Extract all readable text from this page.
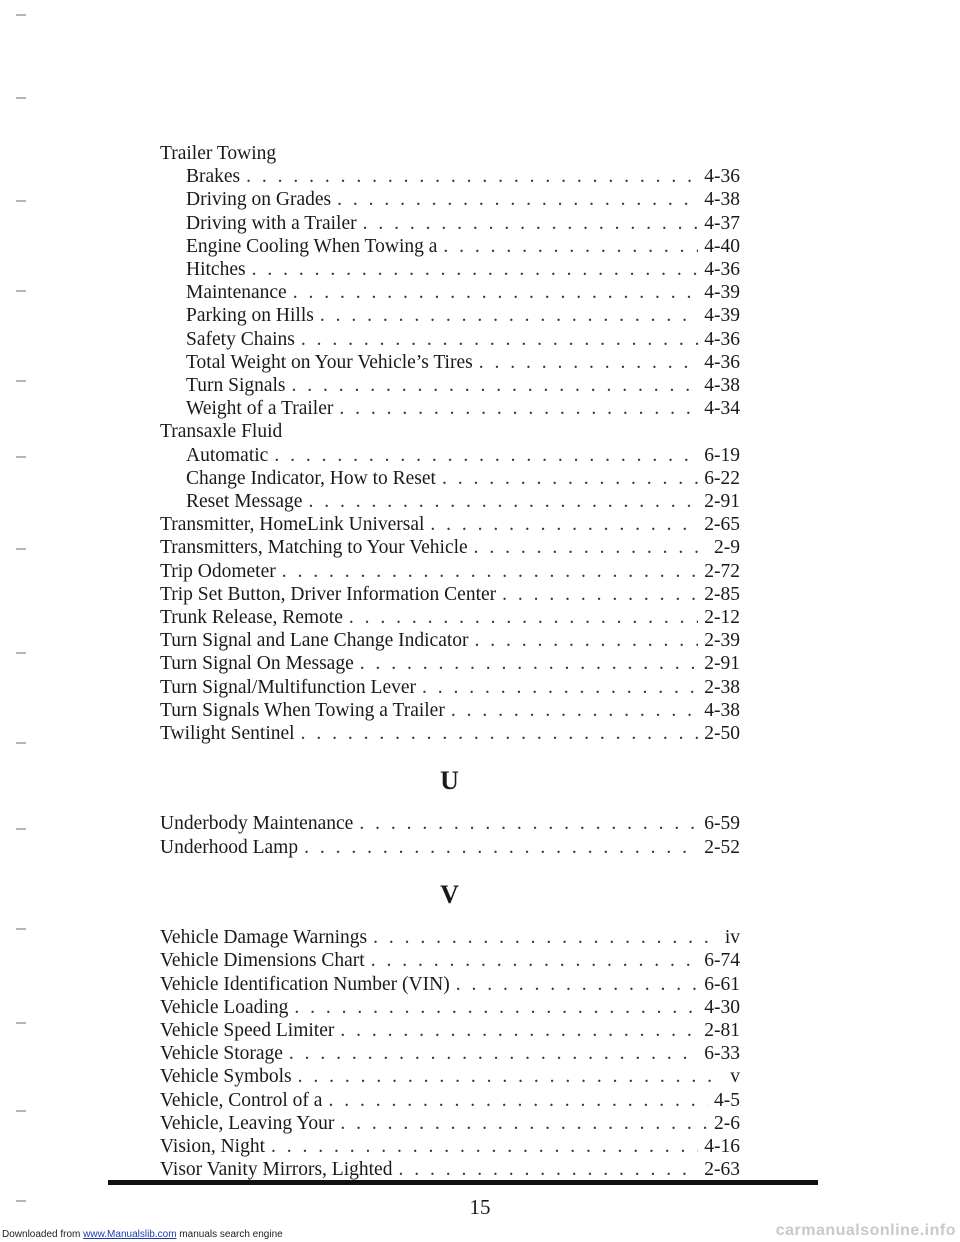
Trailer Towing
Brakes . . .	4-36
Driving on Grades . . .	4-38
Driving with a Trailer . . .	4-37
Engine Cooling When Towing a . . .	4-40
Hitches . . .	4-36
Maintenance . . .	4-39
Parking on Hills . . .	4-39
Safety Chains . . .	4-36
Total Weight on Your Vehicle’s Tires . . .	4-36
Turn Signals . . .	4-38
Weight of a Trailer . . .	4-34
Transaxle Fluid
Automatic . . .	6-19
Change Indicator, How to Reset . . .	6-22
Reset Message . . .	2-91
Transmitter, HomeLink Universal . . .	2-65
Transmitters, Matching to Your Vehicle . . .	2-9
Trip Odometer . . .	2-72
Trip Set Button, Driver Information Center . . .	2-85
Trunk Release, Remote . . .	2-12
Turn Signal and Lane Change Indicator . . .	2-39
Turn Signal On Message . . .	2-91
Turn Signal/Multifunction Lever . . .	2-38
Turn Signals When Towing a Trailer . . .	4-38
Twilight Sentinel . . .	2-50
U
Underbody Maintenance . . .	6-59
Underhood Lamp . . .	2-52
V
Vehicle Damage Warnings . . .	iv
Vehicle Dimensions Chart . . .	6-74
Vehicle Identification Number (VIN) . . .	6-61
Vehicle Loading . . .	4-30
Vehicle Speed Limiter . . .	2-81
Vehicle Storage . . .	6-33
Vehicle Symbols . . .	v
Vehicle, Control of a . . .	4-5
Vehicle, Leaving Your . . .	2-6
Vision, Night . . .	4-16
Visor Vanity Mirrors, Lighted . . .	2-63
15
Downloaded from www.Manualslib.com manuals search engine	carmanualsonline.info
